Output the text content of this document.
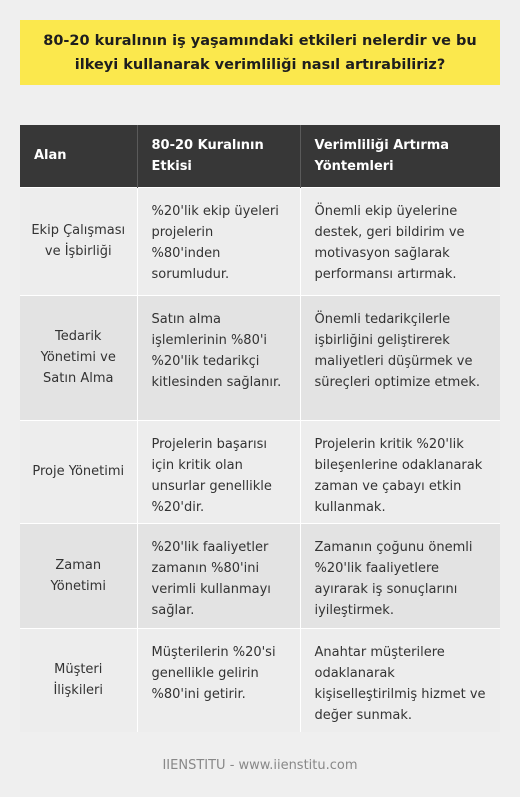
80-20 kuralının iş yaşamındaki etkileri nelerdir ve bu ilkeyi kullanarak verimliliği nasıl artırabiliriz?
Alan	80-20 Kuralının Etkisi	Verimliliği Artırma Yöntemleri
Ekip Çalışması ve İşbirliği	%20'lik ekip üyeleri projelerin %80'inden sorumludur.	Önemli ekip üyelerine destek, geri bildirim ve motivasyon sağlarak performansı artırmak.
Tedarik Yönetimi ve Satın Alma	Satın alma işlemlerinin %80'i %20'lik tedarikçi kitlesinden sağlanır.	Önemli tedarikçilerle işbirliğini geliştirerek maliyetleri düşürmek ve süreçleri optimize etmek.
Proje Yönetimi	Projelerin başarısı için kritik olan unsurlar genellikle %20'dir.	Projelerin kritik %20'lik bileşenlerine odaklanarak zaman ve çabayı etkin kullanmak.
Zaman Yönetimi	%20'lik faaliyetler zamanın %80'ini verimli kullanmayı sağlar.	Zamanın çoğunu önemli %20'lik faaliyetlere ayırarak iş sonuçlarını iyileştirmek.
Müşteri İlişkileri	Müşterilerin %20'si genellikle gelirin %80'ini getirir.	Anahtar müşterilere odaklanarak kişiselleştirilmiş hizmet ve değer sunmak.
IIENSTITU - www.iienstitu.com
